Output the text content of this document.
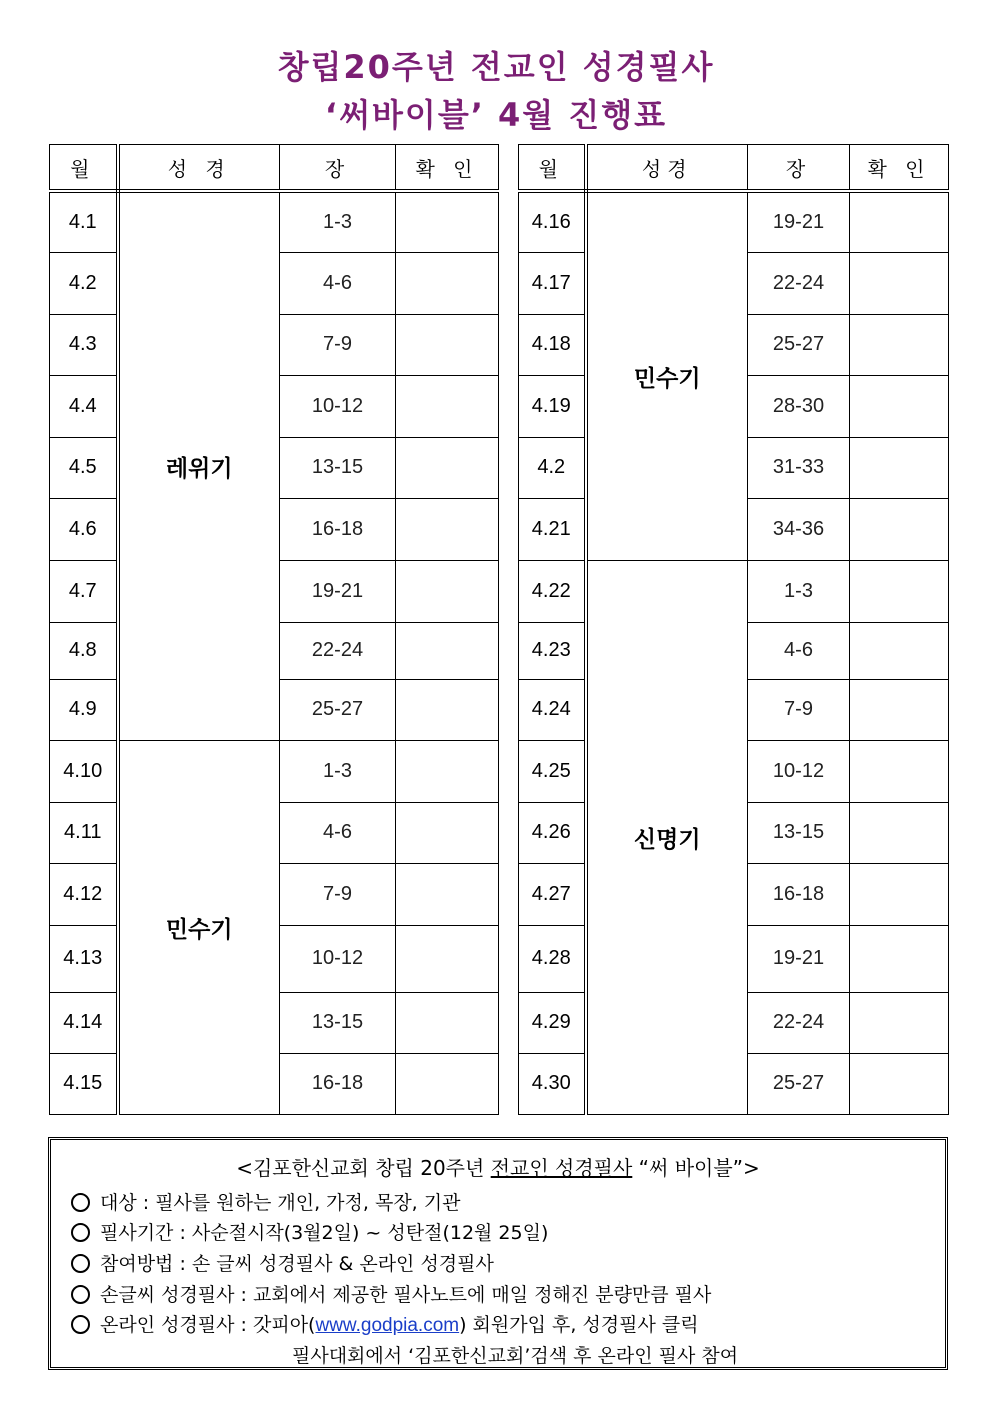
창립20주년 전교인 성경필사
‘써바이블’ 4월 진행표
월	성 경	장	확 인
4.1	레위기	1-3	
4.2		4-6	
4.3		7-9	
4.4		10-12	
4.5		13-15	
4.6		16-18	
4.7		19-21	
4.8		22-24	
4.9		25-27	
4.10	민수기	1-3	
4.11		4-6	
4.12		7-9	
4.13		10-12	
4.14		13-15	
4.15		16-18	
월	성경	장	확 인
4.16	민수기	19-21	
4.17		22-24	
4.18		25-27	
4.19		28-30	
4.2		31-33	
4.21		34-36	
4.22	신명기	1-3	
4.23		4-6	
4.24		7-9	
4.25		10-12	
4.26		13-15	
4.27		16-18	
4.28		19-21	
4.29		22-24	
4.30		25-27	
<김포한신교회 창립 20주년 전교인 성경필사 “써 바이블”>
대상 : 필사를 원하는 개인, 가정, 목장, 기관
필사기간 : 사순절시작(3월2일) ~ 성탄절(12월 25일)
참여방법 : 손 글씨 성경필사 & 온라인 성경필사
손글씨 성경필사 : 교회에서 제공한 필사노트에 매일 정해진 분량만큼 필사
온라인 성경필사 : 갓피아(www.godpia.com) 회원가입 후, 성경필사 클릭
필사대회에서 ‘김포한신교회’검색 후 온라인 필사 참여
